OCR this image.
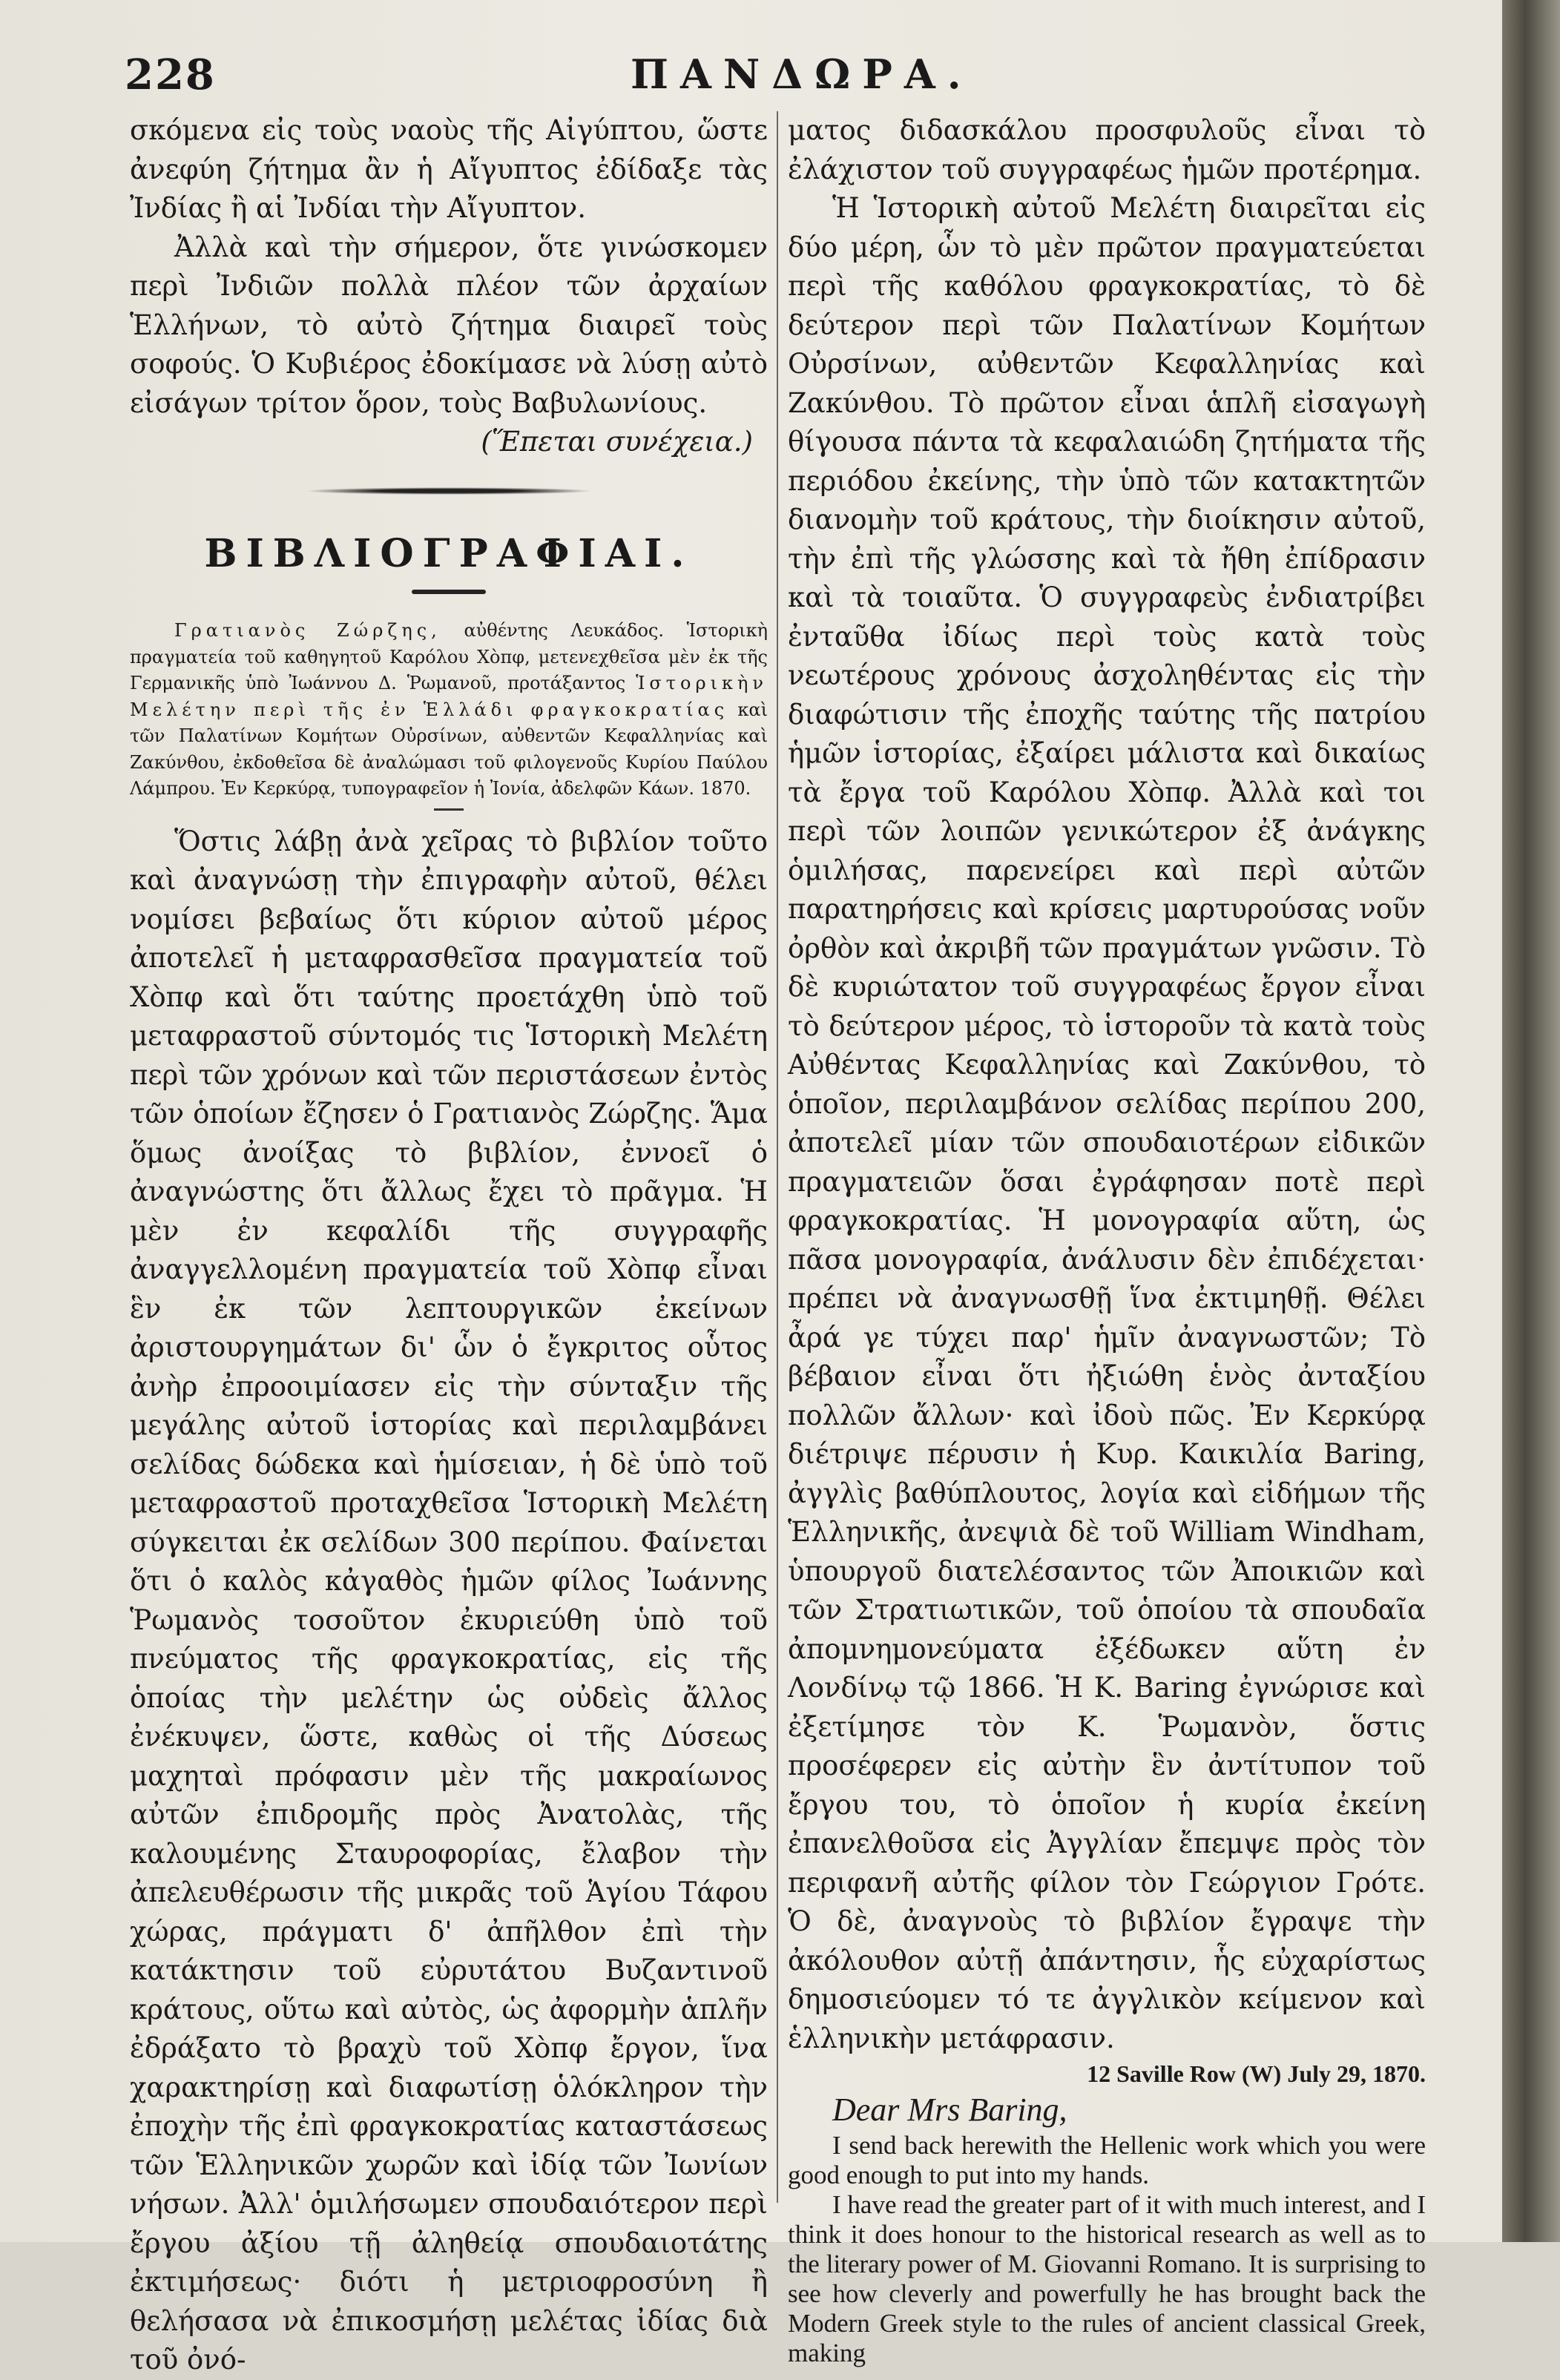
228	ΠΑΝΔΩΡΑ.

σκόμενα εἰς τοὺς ναοὺς τῆς Αἰγύπτου, ὥστε ἀνεφύη ζήτημα ἂν ἡ Αἴγυπτος ἐδίδαξε τὰς Ἰνδίας ἢ αἱ Ἰνδίαι τὴν Αἴγυπτον.

Ἀλλὰ καὶ τὴν σήμερον, ὅτε γινώσκομεν περὶ Ἰνδιῶν πολλὰ πλέον τῶν ἀρχαίων Ἑλλήνων, τὸ αὐτὸ ζήτημα διαιρεῖ τοὺς σοφούς. Ὁ Κυβιέρος ἐδοκίμασε νὰ λύσῃ αὐτὸ εἰσάγων τρίτον ὅρον, τοὺς Βαβυλωνίους.

(Ἕπεται συνέχεια.)

ΒΙΒΛΙΟΓΡΑΦΙΑΙ.

Γρατιανὸς Ζώρζης, αὐθέντης Λευκάδος. Ἱστορικὴ πραγματεία τοῦ καθηγητοῦ Καρόλου Χὸπφ, μετενεχθεῖσα μὲν ἐκ τῆς Γερμανικῆς ὑπὸ Ἰωάννου Δ. Ῥωμανοῦ, προτάξαντος Ἱστορικὴν Μελέτην περὶ τῆς ἐν Ἑλλάδι φραγκοκρατίας καὶ τῶν Παλατίνων Κομήτων Οὐρσίνων, αὐθεντῶν Κεφαλληνίας καὶ Ζακύνθου, ἐκδοθεῖσα δὲ ἀναλώμασι τοῦ φιλογενοῦς Κυρίου Παύλου Λάμπρου. Ἐν Κερκύρᾳ, τυπογραφεῖον ἡ Ἰονία, ἀδελφῶν Κάων. 1870.

Ὅστις λάβῃ ἀνὰ χεῖρας τὸ βιβλίον τοῦτο καὶ ἀναγνώσῃ τὴν ἐπιγραφὴν αὐτοῦ, θέλει νομίσει βεβαίως ὅτι κύριον αὐτοῦ μέρος ἀποτελεῖ ἡ μεταφρασθεῖσα πραγματεία τοῦ Χὸπφ καὶ ὅτι ταύτης προετάχθη ὑπὸ τοῦ μεταφραστοῦ σύντομός τις Ἱστορικὴ Μελέτη περὶ τῶν χρόνων καὶ τῶν περιστάσεων ἐντὸς τῶν ὁποίων ἔζησεν ὁ Γρατιανὸς Ζώρζης. Ἅμα ὅμως ἀνοίξας τὸ βιβλίον, ἐννοεῖ ὁ ἀναγνώστης ὅτι ἄλλως ἔχει τὸ πρᾶγμα. Ἡ μὲν ἐν κεφαλίδι τῆς συγγραφῆς ἀναγγελλομένη πραγματεία τοῦ Χὸπφ εἶναι ἓν ἐκ τῶν λεπτουργικῶν ἐκείνων ἀριστουργημάτων δι' ὧν ὁ ἔγκριτος οὗτος ἀνὴρ ἐπροοιμίασεν εἰς τὴν σύνταξιν τῆς μεγάλης αὐτοῦ ἱστορίας καὶ περιλαμβάνει σελίδας δώδεκα καὶ ἡμίσειαν, ἡ δὲ ὑπὸ τοῦ μεταφραστοῦ προταχθεῖσα Ἱστορικὴ Μελέτη σύγκειται ἐκ σελίδων 300 περίπου. Φαίνεται ὅτι ὁ καλὸς κἀγαθὸς ἡμῶν φίλος Ἰωάννης Ῥωμανὸς τοσοῦτον ἐκυριεύθη ὑπὸ τοῦ πνεύματος τῆς φραγκοκρατίας, εἰς τῆς ὁποίας τὴν μελέτην ὡς οὐδεὶς ἄλλος ἐνέκυψεν, ὥστε, καθὼς οἱ τῆς Δύσεως μαχηταὶ πρόφασιν μὲν τῆς μακραίωνος αὐτῶν ἐπιδρομῆς πρὸς Ἀνατολὰς, τῆς καλουμένης Σταυροφορίας, ἔλαβον τὴν ἀπελευθέρωσιν τῆς μικρᾶς τοῦ Ἁγίου Τάφου χώρας, πράγματι δ' ἀπῆλθον ἐπὶ τὴν κατάκτησιν τοῦ εὐρυτάτου Βυζαντινοῦ κράτους, οὕτω καὶ αὐτὸς, ὡς ἀφορμὴν ἁπλῆν ἐδράξατο τὸ βραχὺ τοῦ Χὸπφ ἔργον, ἵνα χαρακτηρίσῃ καὶ διαφωτίσῃ ὁλόκληρον τὴν ἐποχὴν τῆς ἐπὶ φραγκοκρατίας καταστάσεως τῶν Ἑλληνικῶν χωρῶν καὶ ἰδίᾳ τῶν Ἰωνίων νήσων. Ἀλλ' ὁμιλήσωμεν σπουδαιότερον περὶ ἔργου ἀξίου τῇ ἀληθείᾳ σπουδαιοτάτης ἐκτιμήσεως· διότι ἡ μετριοφροσύνη ἢ θελήσασα νὰ ἐπικοσμήσῃ μελέτας ἰδίας διὰ τοῦ ὀνό-

ματος διδασκάλου προσφυλοῦς εἶναι τὸ ἐλάχιστον τοῦ συγγραφέως ἡμῶν προτέρημα.

Ἡ Ἱστορικὴ αὐτοῦ Μελέτη διαιρεῖται εἰς δύο μέρη, ὧν τὸ μὲν πρῶτον πραγματεύεται περὶ τῆς καθόλου φραγκοκρατίας, τὸ δὲ δεύτερον περὶ τῶν Παλατίνων Κομήτων Οὐρσίνων, αὐθεντῶν Κεφαλληνίας καὶ Ζακύνθου. Τὸ πρῶτον εἶναι ἁπλῆ εἰσαγωγὴ θίγουσα πάντα τὰ κεφαλαιώδη ζητήματα τῆς περιόδου ἐκείνης, τὴν ὑπὸ τῶν κατακτητῶν διανομὴν τοῦ κράτους, τὴν διοίκησιν αὐτοῦ, τὴν ἐπὶ τῆς γλώσσης καὶ τὰ ἤθη ἐπίδρασιν καὶ τὰ τοιαῦτα. Ὁ συγγραφεὺς ἐνδιατρίβει ἐνταῦθα ἰδίως περὶ τοὺς κατὰ τοὺς νεωτέρους χρόνους ἀσχοληθέντας εἰς τὴν διαφώτισιν τῆς ἐποχῆς ταύτης τῆς πατρίου ἡμῶν ἱστορίας, ἐξαίρει μάλιστα καὶ δικαίως τὰ ἔργα τοῦ Καρόλου Χὸπφ. Ἀλλὰ καὶ τοι περὶ τῶν λοιπῶν γενικώτερον ἐξ ἀνάγκης ὁμιλήσας, παρενείρει καὶ περὶ αὐτῶν παρατηρήσεις καὶ κρίσεις μαρτυρούσας νοῦν ὀρθὸν καὶ ἀκριβῆ τῶν πραγμάτων γνῶσιν. Τὸ δὲ κυριώτατον τοῦ συγγραφέως ἔργον εἶναι τὸ δεύτερον μέρος, τὸ ἱστοροῦν τὰ κατὰ τοὺς Αὐθέντας Κεφαλληνίας καὶ Ζακύνθου, τὸ ὁποῖον, περιλαμβάνον σελίδας περίπου 200, ἀποτελεῖ μίαν τῶν σπουδαιοτέρων εἰδικῶν πραγματειῶν ὅσαι ἐγράφησαν ποτὲ περὶ φραγκοκρατίας. Ἡ μονογραφία αὕτη, ὡς πᾶσα μονογραφία, ἀνάλυσιν δὲν ἐπιδέχεται· πρέπει νὰ ἀναγνωσθῇ ἵνα ἐκτιμηθῇ. Θέλει ἆρά γε τύχει παρ' ἡμῖν ἀναγνωστῶν; Τὸ βέβαιον εἶναι ὅτι ἠξιώθη ἑνὸς ἀνταξίου πολλῶν ἄλλων· καὶ ἰδοὺ πῶς. Ἐν Κερκύρᾳ διέτριψε πέρυσιν ἡ Κυρ. Καικιλία Baring, ἀγγλὶς βαθύπλουτος, λογία καὶ εἰδήμων τῆς Ἑλληνικῆς, ἀνεψιὰ δὲ τοῦ William Windham, ὑπουργοῦ διατελέσαντος τῶν Ἀποικιῶν καὶ τῶν Στρατιωτικῶν, τοῦ ὁποίου τὰ σπουδαῖα ἀπομνημονεύματα ἐξέδωκεν αὕτη ἐν Λονδίνῳ τῷ 1866. Ἡ Κ. Baring ἐγνώρισε καὶ ἐξετίμησε τὸν Κ. Ῥωμανὸν, ὅστις προσέφερεν εἰς αὐτὴν ἓν ἀντίτυπον τοῦ ἔργου του, τὸ ὁποῖον ἡ κυρία ἐκείνη ἐπανελθοῦσα εἰς Ἀγγλίαν ἔπεμψε πρὸς τὸν περιφανῆ αὐτῆς φίλον τὸν Γεώργιον Γρότε. Ὁ δὲ, ἀναγνοὺς τὸ βιβλίον ἔγραψε τὴν ἀκόλουθον αὐτῇ ἀπάντησιν, ἧς εὐχαρίστως δημοσιεύομεν τό τε ἀγγλικὸν κείμενον καὶ ἑλληνικὴν μετάφρασιν.

12 Saville Row (W) July 29, 1870.

Dear Mrs Baring,

I send back herewith the Hellenic work which you were good enough to put into my hands.

I have read the greater part of it with much interest, and I think it does honour to the historical research as well as to the literary power of M. Giovanni Romano. It is surprising to see how cleverly and powerfully he has brought back the Modern Greek style to the rules of ancient classical Greek, making
